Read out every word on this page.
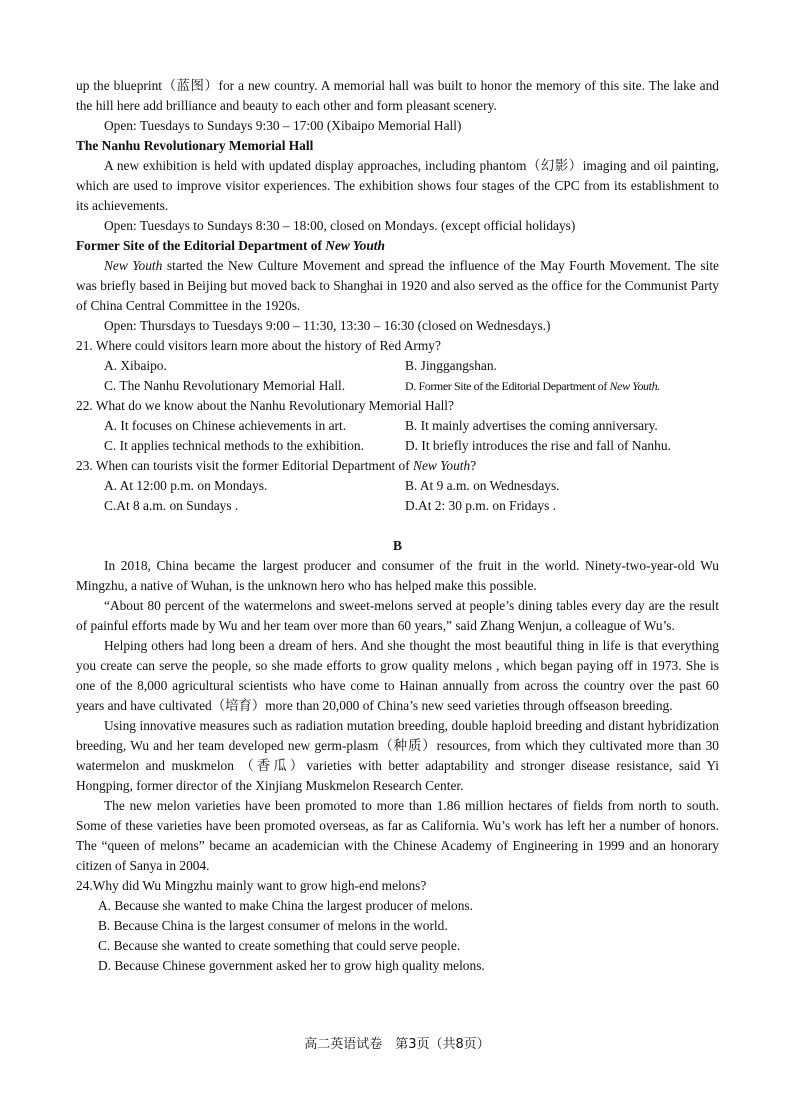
up the blueprint（蓝图）for a new country. A memorial hall was built to honor the memory of this site. The lake and the hill here add brilliance and beauty to each other and form pleasant scenery.

Open: Tuesdays to Sundays 9:30 – 17:00 (Xibaipo Memorial Hall)

The Nanhu Revolutionary Memorial Hall

A new exhibition is held with updated display approaches, including phantom（幻影）imaging and oil painting, which are used to improve visitor experiences. The exhibition shows four stages of the CPC from its establishment to its achievements.

Open: Tuesdays to Sundays 8:30 – 18:00, closed on Mondays. (except official holidays)

Former Site of the Editorial Department of New Youth

New Youth started the New Culture Movement and spread the influence of the May Fourth Movement. The site was briefly based in Beijing but moved back to Shanghai in 1920 and also served as the office for the Communist Party of China Central Committee in the 1920s.

Open: Thursdays to Tuesdays 9:00 – 11:30, 13:30 – 16:30 (closed on Wednesdays.)

21. Where could visitors learn more about the history of Red Army?
A. Xibaipo.	B. Jinggangshan.
C. The Nanhu Revolutionary Memorial Hall.	D. Former Site of the Editorial Department of New Youth.
22. What do we know about the Nanhu Revolutionary Memorial Hall?
A. It focuses on Chinese achievements in art.	B. It mainly advertises the coming anniversary.
C. It applies technical methods to the exhibition.	D. It briefly introduces the rise and fall of Nanhu.
23. When can tourists visit the former Editorial Department of New Youth?
A. At 12:00 p.m. on Mondays.	B. At 9 a.m. on Wednesdays.
C.At 8 a.m. on Sundays .	D.At 2: 30 p.m. on Fridays .
B

In 2018, China became the largest producer and consumer of the fruit in the world. Ninety-two-year-old Wu Mingzhu, a native of Wuhan, is the unknown hero who has helped make this possible.

“About 80 percent of the watermelons and sweet-melons served at people’s dining tables every day are the result of painful efforts made by Wu and her team over more than 60 years,” said Zhang Wenjun, a colleague of Wu’s.

Helping others had long been a dream of hers. And she thought the most beautiful thing in life is that everything you create can serve the people, so she made efforts to grow quality melons , which began paying off in 1973. She is one of the 8,000 agricultural scientists who have come to Hainan annually from across the country over the past 60 years and have cultivated（培育）more than 20,000 of China’s new seed varieties through offseason breeding.

Using innovative measures such as radiation mutation breeding, double haploid breeding and distant hybridization breeding, Wu and her team developed new germ-plasm（种质）resources, from which they cultivated more than 30 watermelon and muskmelon （香瓜）varieties with better adaptability and stronger disease resistance, said Yi Hongping, former director of the Xinjiang Muskmelon Research Center.

The new melon varieties have been promoted to more than 1.86 million hectares of fields from north to south. Some of these varieties have been promoted overseas, as far as California. Wu’s work has left her a number of honors. The “queen of melons” became an academician with the Chinese Academy of Engineering in 1999 and an honorary citizen of Sanya in 2004.

24.Why did Wu Mingzhu mainly want to grow high-end melons?
A. Because she wanted to make China the largest producer of melons.
B. Because China is the largest consumer of melons in the world.
C. Because she wanted to create something that could serve people.
D. Because Chinese government asked her to grow high quality melons.
高二英语试卷　第3页（共8页）
